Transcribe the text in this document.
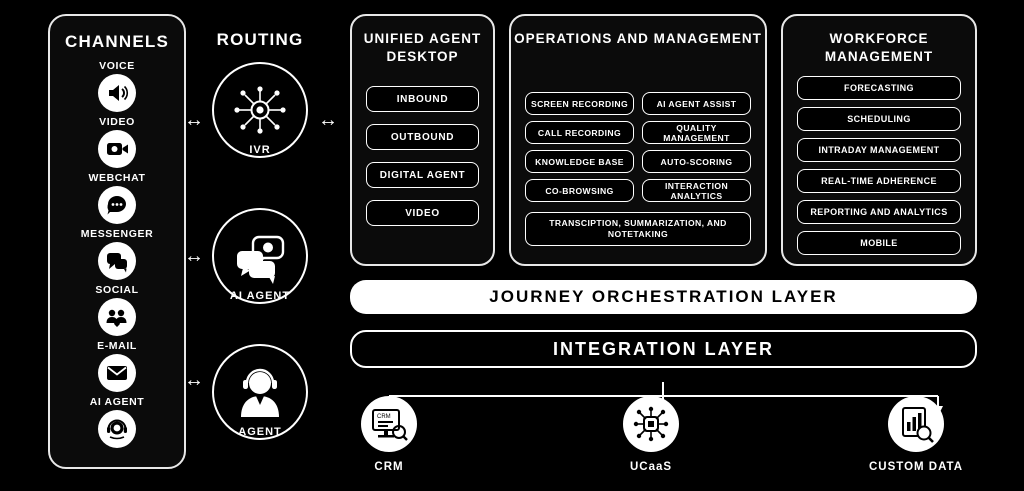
CHANNELS
VOICE
VIDEO
WEBCHAT
MESSENGER
SOCIAL
E-MAIL
AI AGENT
ROUTING
IVR
AI AGENT
AGENT
↔
↔
↔
↔
UNIFIED AGENT DESKTOP
INBOUND
OUTBOUND
DIGITAL AGENT
VIDEO
OPERATIONS AND MANAGEMENT
SCREEN RECORDING	AI AGENT ASSIST
CALL RECORDING	QUALITY MANAGEMENT
KNOWLEDGE BASE	AUTO-SCORING
CO-BROWSING	INTERACTION ANALYTICS
TRANSCIPTION, SUMMARIZATION, AND NOTETAKING
WORKFORCE MANAGEMENT
FORECASTING
SCHEDULING
INTRADAY MANAGEMENT
REAL-TIME ADHERENCE
REPORTING AND ANALYTICS
MOBILE
JOURNEY ORCHESTRATION LAYER
INTEGRATION LAYER
CRM
CRM	UCaaS	CUSTOM DATA
